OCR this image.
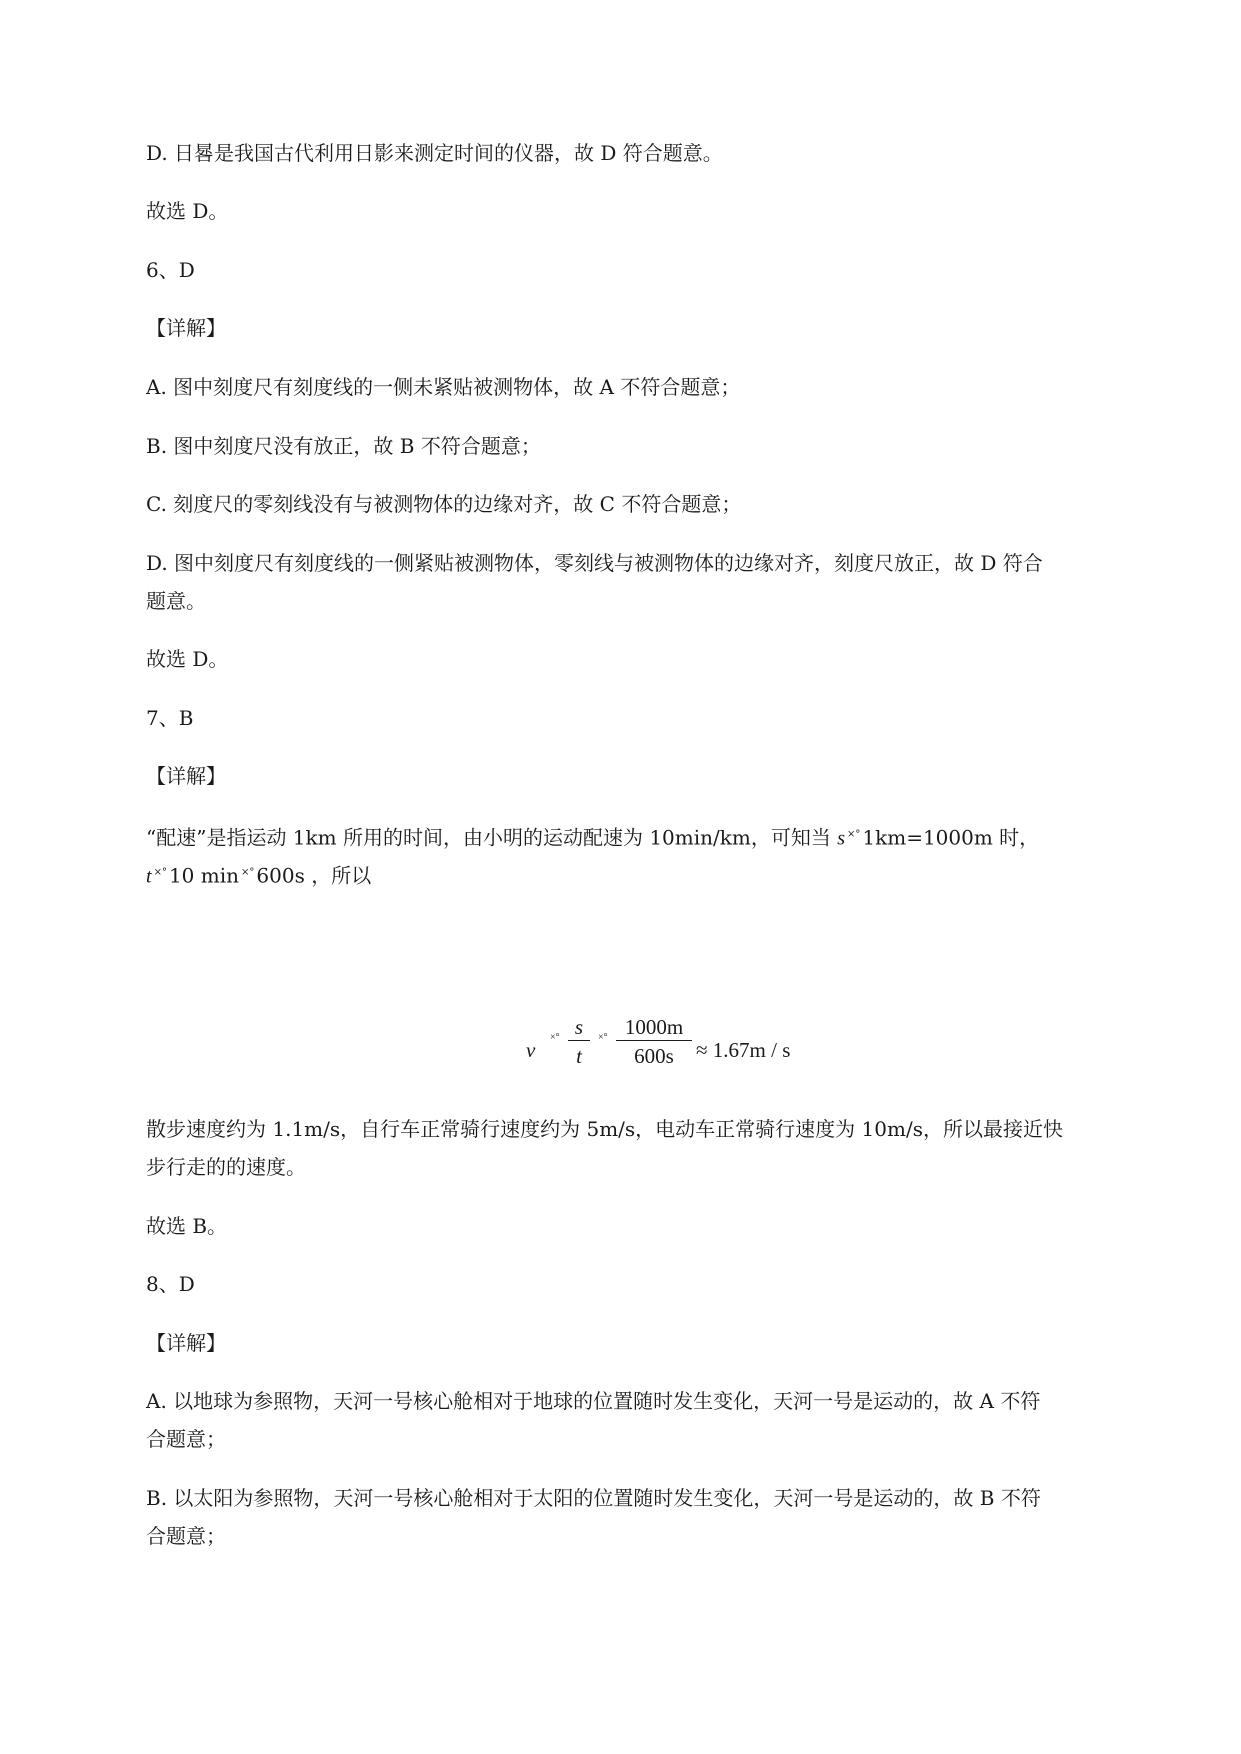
D. 日晷是我国古代利用日影来测定时间的仪器，故 D 符合题意。
故选 D。
6、D
【详解】
A. 图中刻度尺有刻度线的一侧未紧贴被测物体，故 A 不符合题意；
B. 图中刻度尺没有放正，故 B 不符合题意；
C. 刻度尺的零刻线没有与被测物体的边缘对齐，故 C 不符合题意；
D. 图中刻度尺有刻度线的一侧紧贴被测物体，零刻线与被测物体的边缘对齐，刻度尺放正，故 D 符合
题意。
故选 D。
7、B
【详解】
“配速”是指运动 1km 所用的时间，由小明的运动配速为 10min/km，可知当 s ×° 1km=1000m 时，
t ×° 10 min ×° 600s ，所以
v
×° s
t
×° 1000m
600s	≈ 1.67m / s
散步速度约为 1.1m/s，自行车正常骑行速度约为 5m/s，电动车正常骑行速度为 10m/s，所以最接近快
步行走的的速度。
故选 B。
8、D
【详解】
A. 以地球为参照物，天河一号核心舱相对于地球的位置随时发生变化，天河一号是运动的，故 A 不符
合题意；
B. 以太阳为参照物，天河一号核心舱相对于太阳的位置随时发生变化，天河一号是运动的，故 B 不符
合题意；
